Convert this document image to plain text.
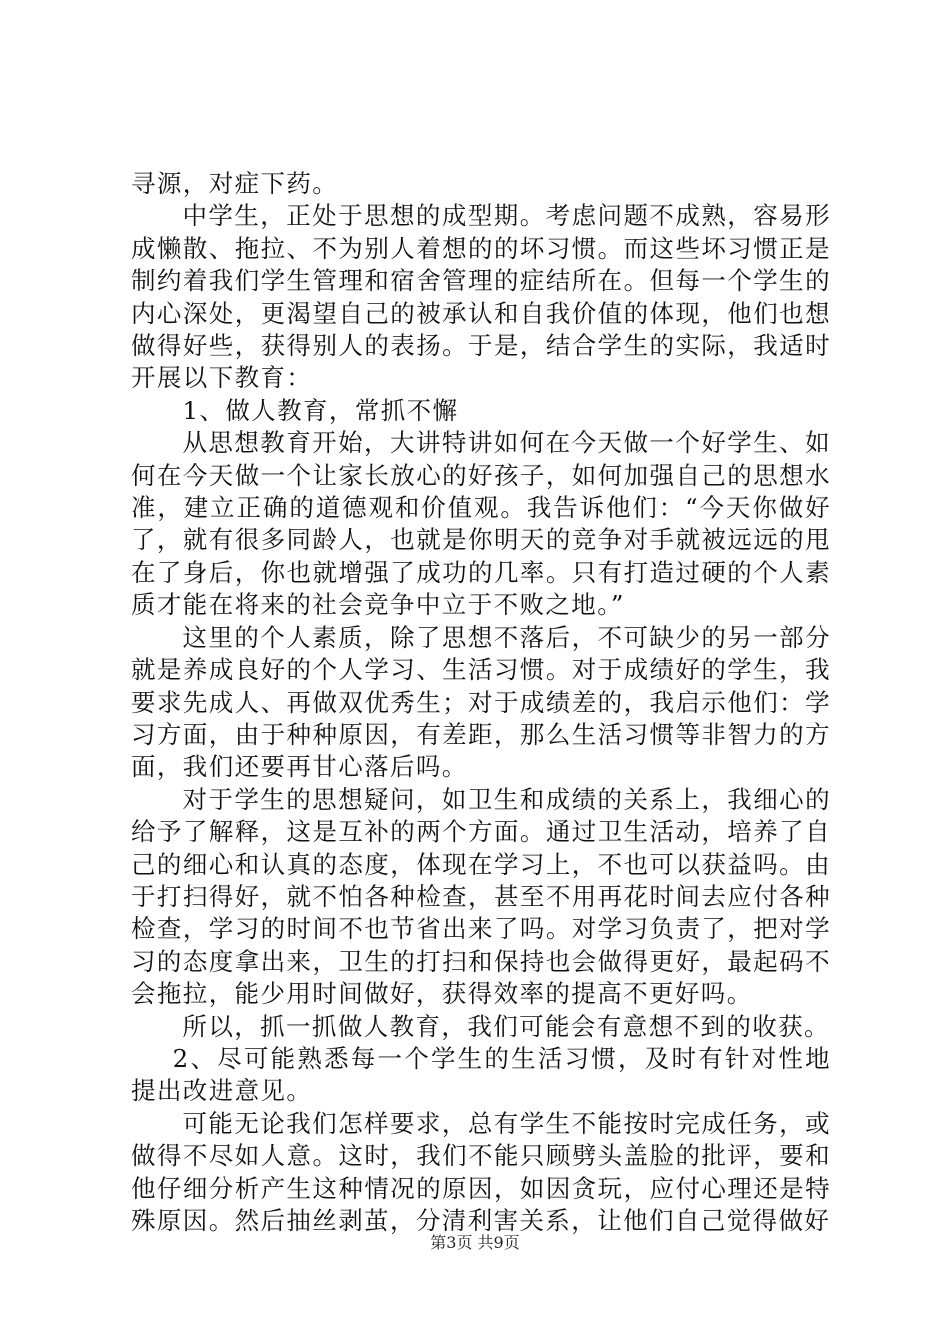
寻源，对症下药。

中学生，正处于思想的成型期。考虑问题不成熟，容易形成懒散、拖拉、不为别人着想的的坏习惯。而这些坏习惯正是制约着我们学生管理和宿舍管理的症结所在。但每一个学生的内心深处，更渴望自己的被承认和自我价值的体现，他们也想做得好些，获得别人的表扬。于是，结合学生的实际，我适时开展以下教育：

1、做人教育，常抓不懈

从思想教育开始，大讲特讲如何在今天做一个好学生、如何在今天做一个让家长放心的好孩子，如何加强自己的思想水准，建立正确的道德观和价值观。我告诉他们：“今天你做好了，就有很多同龄人，也就是你明天的竞争对手就被远远的甩在了身后，你也就增强了成功的几率。只有打造过硬的个人素质才能在将来的社会竞争中立于不败之地。”

这里的个人素质，除了思想不落后，不可缺少的另一部分就是养成良好的个人学习、生活习惯。对于成绩好的学生，我要求先成人、再做双优秀生；对于成绩差的，我启示他们：学习方面，由于种种原因，有差距，那么生活习惯等非智力的方面，我们还要再甘心落后吗。

对于学生的思想疑问，如卫生和成绩的关系上，我细心的给予了解释，这是互补的两个方面。通过卫生活动，培养了自己的细心和认真的态度，体现在学习上，不也可以获益吗。由于打扫得好，就不怕各种检查，甚至不用再花时间去应付各种检查，学习的时间不也节省出来了吗。对学习负责了，把对学习的态度拿出来，卫生的打扫和保持也会做得更好，最起码不会拖拉，能少用时间做好，获得效率的提高不更好吗。

所以，抓一抓做人教育，我们可能会有意想不到的收获。

2、尽可能熟悉每一个学生的生活习惯，及时有针对性地提出改进意见。

可能无论我们怎样要求，总有学生不能按时完成任务，或做得不尽如人意。这时，我们不能只顾劈头盖脸的批评，要和他仔细分析产生这种情况的原因，如因贪玩，应付心理还是特殊原因。然后抽丝剥茧，分清利害关系，让他们自己觉得做好

第3页 共9页
